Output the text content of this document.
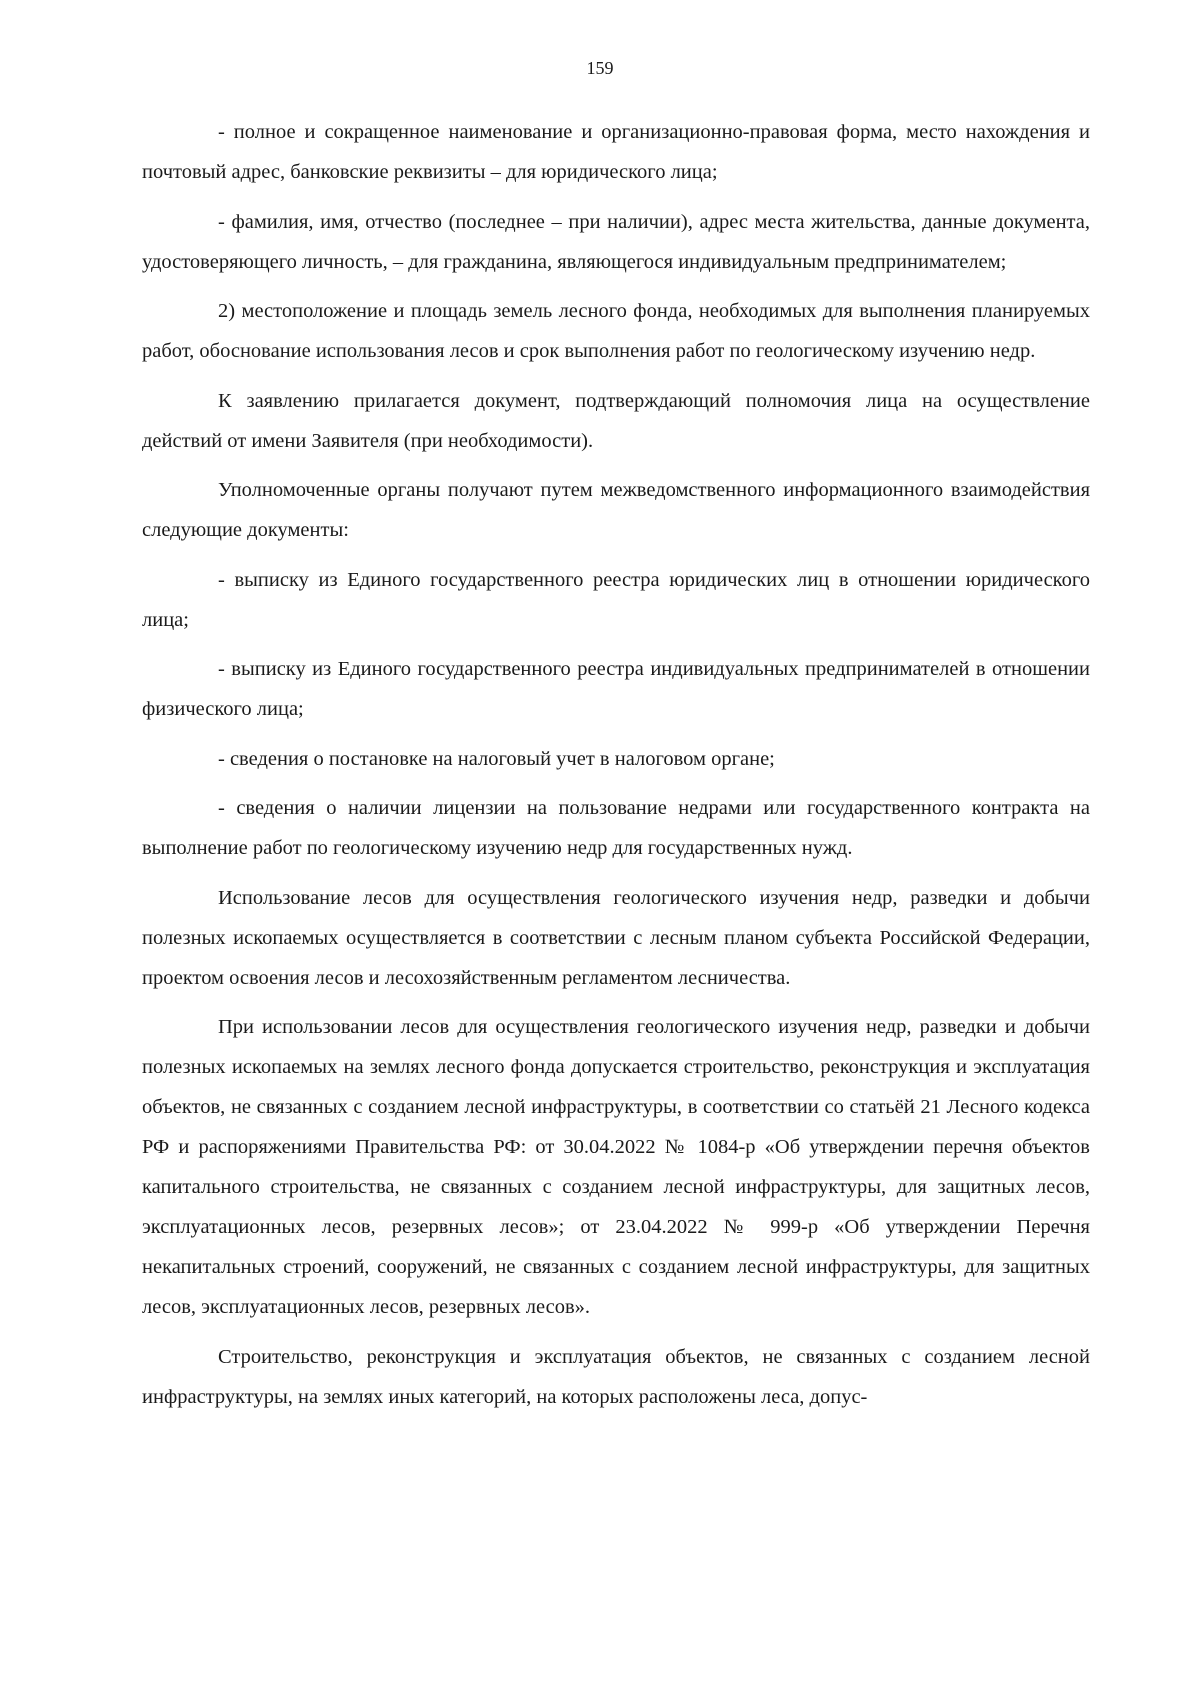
159

- полное и сокращенное наименование и организационно-правовая форма, место нахождения и почтовый адрес, банковские реквизиты – для юридического лица;

- фамилия, имя, отчество (последнее – при наличии), адрес места жительства, данные документа, удостоверяющего личность, – для гражданина, являющегося индивидуальным предпринимателем;

2) местоположение и площадь земель лесного фонда, необходимых для выполнения планируемых работ, обоснование использования лесов и срок выполнения работ по геологическому изучению недр.

К заявлению прилагается документ, подтверждающий полномочия лица на осуществление действий от имени Заявителя (при необходимости).

Уполномоченные органы получают путем межведомственного информационного взаимодействия следующие документы:

- выписку из Единого государственного реестра юридических лиц в отношении юридического лица;

- выписку из Единого государственного реестра индивидуальных предпринимателей в отношении физического лица;

- сведения о постановке на налоговый учет в налоговом органе;

- сведения о наличии лицензии на пользование недрами или государственного контракта на выполнение работ по геологическому изучению недр для государственных нужд.

Использование лесов для осуществления геологического изучения недр, разведки и добычи полезных ископаемых осуществляется в соответствии с лесным планом субъекта Российской Федерации, проектом освоения лесов и лесохозяйственным регламентом лесничества.

При использовании лесов для осуществления геологического изучения недр, разведки и добычи полезных ископаемых на землях лесного фонда допускается строительство, реконструкция и эксплуатация объектов, не связанных с созданием лесной инфраструктуры, в соответствии со статьёй 21 Лесного кодекса РФ и распоряжениями Правительства РФ: от 30.04.2022 № 1084-р «Об утверждении перечня объектов капитального строительства, не связанных с созданием лесной инфраструктуры, для защитных лесов, эксплуатационных лесов, резервных лесов»; от 23.04.2022 № 999-р «Об утверждении Перечня некапитальных строений, сооружений, не связанных с созданием лесной инфраструктуры, для защитных лесов, эксплуатационных лесов, резервных лесов».

Строительство, реконструкция и эксплуатация объектов, не связанных с созданием лесной инфраструктуры, на землях иных категорий, на которых расположены леса, допус-
